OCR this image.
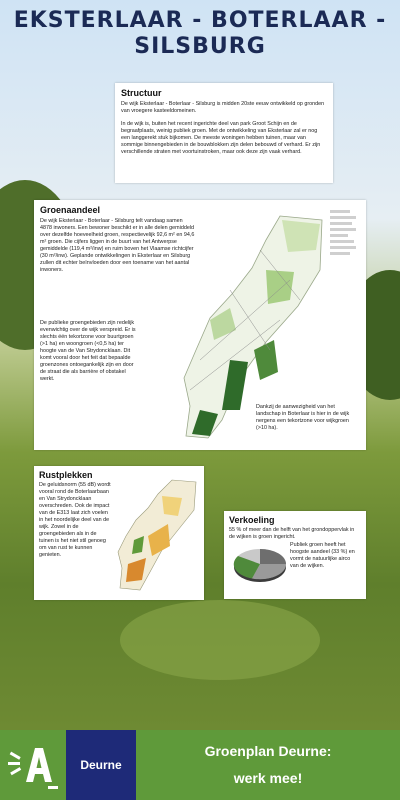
EKSTERLAAR - BOTERLAAR - SILSBURG
Structuur

De wijk Eksterlaar - Boterlaar - Silsburg is midden 20ste eeuw ontwikkeld op gronden van vroegere kasteeldomeinen.

In de wijk is, buiten het recent ingerichte deel van park Groot Schijn en de begraafplaats, weinig publiek groen. Met de ontwikkeling van Eksterlaar zal er nog een langgerekt stuk bijkomen. De meeste woningen hebben tuinen, maar van sommige binnengebieden in de bouwblokken zijn delen bebouwd of verhard. Er zijn verschillende straten met voortuinstroken, maar ook deze zijn vaak verhard.

Groenaandeel

De wijk Eksterlaar - Boterlaar - Silsburg telt vandaag samen 4878 inwoners. Een bewoner beschikt er in alle delen gemiddeld over dezelfde hoeveelheid groen, respectievelijk 92,6 m² en 94,6 m² groen. Die cijfers liggen in de buurt van het Antwerpse gemiddelde (119,4 m²/inw) en ruim boven het Vlaamse richtcijfer (30 m²/inw). Geplande ontwikkelingen in Eksterlaar en Silsburg zullen dit echter beïnvloeden door een toename van het aantal inwoners.

De publieke groengebieden zijn redelijk evenwichtig over de wijk verspreid. Er is slechts één tekortzone voor buurtgroen (>1 ha) en woongroen (<0,5 ha) ter hoogte van de Van Strydoncklaan. Dit komt vooral door het feit dat bepaalde groenzones ontoegankelijk zijn en door de straat die als barrière of obstakel werkt.

Dankzij de aanwezigheid van het landschap in Boterlaar is hier in de wijk nergens een tekortzone voor wijkgroen (>10 ha).

Rustplekken

De geluidsnorm (55 dB) wordt vooral rond de Boterlaarbaan en Van Strydoncklaan overschreden. Ook de impact van de E313 laat zich voelen in het noordelijke deel van de wijk. Zowel in de groengebieden als in de tuinen is het niet stil genoeg om van rust te kunnen genieten.

Verkoeling

55 % of meer dan de helft van het grondoppervlak in de wijken is groen ingericht.

Publiek groen heeft het hoogste aandeel (33 %) en vormt de natuurlijke airco van de wijken.

Deurne
Groenplan Deurne:
werk mee!
